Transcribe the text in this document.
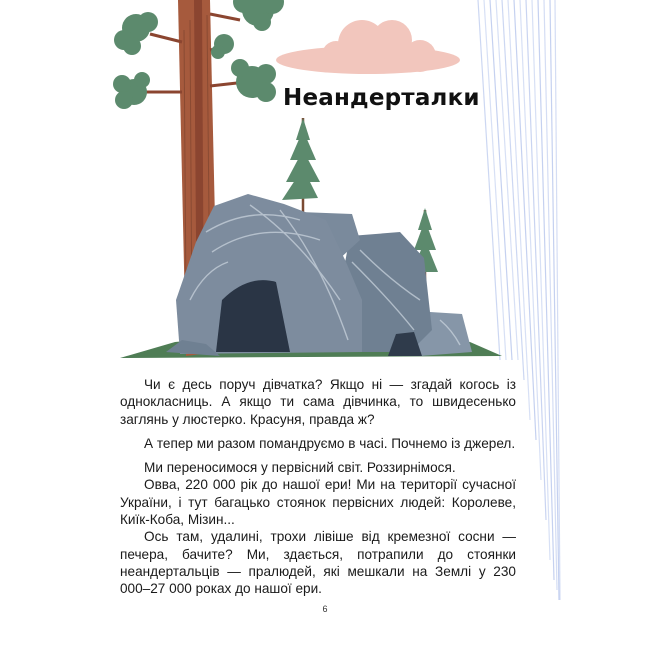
Неандерталки

Чи є десь поруч дівчатка? Якщо ні — згадай когось із однокласниць. А якщо ти сама дівчинка, то швидесенько заглянь у люстерко. Красуня, правда ж?

А тепер ми разом помандруємо в часі. Почнемо із джерел.

Ми переносимося у первісний світ. Роззирнімося.

Овва, 220 000 рік до нашої ери! Ми на території сучасної України, і тут багацько стоянок первісних людей: Королеве, Киїк-Коба, Мізин...

Ось там, удалині, трохи лівіше від кремезної сосни — печера, бачите? Ми, здається, потрапили до стоянки неандертальців — пралюдей, які мешкали на Землі у 230 000–27 000 роках до нашої ери.

6
